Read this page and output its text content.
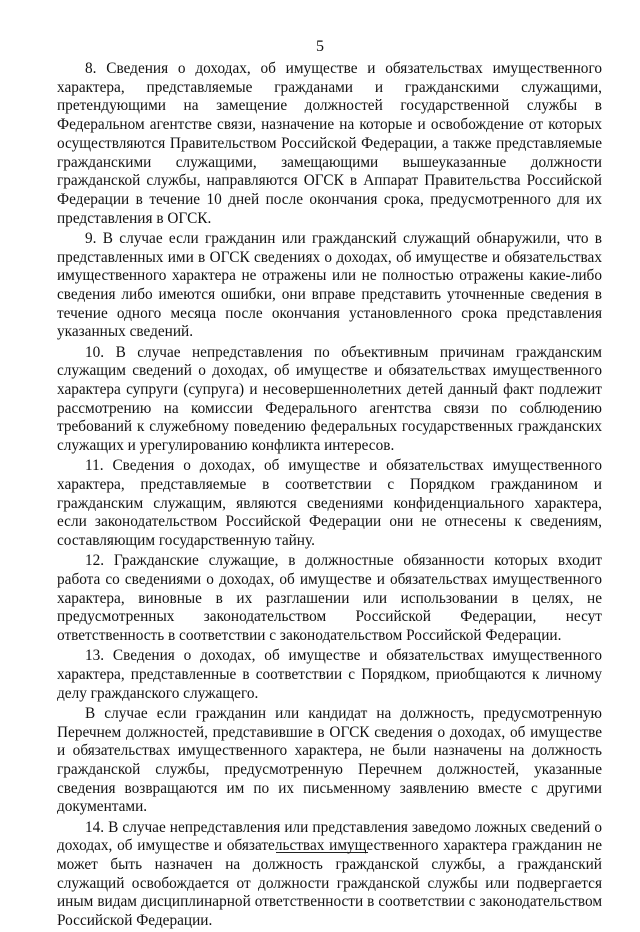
5

8. Сведения о доходах, об имуществе и обязательствах имущественного характера, представляемые гражданами и гражданскими служащими, претендующими на замещение должностей государственной службы в Федеральном агентстве связи, назначение на которые и освобождение от которых осуществляются Правительством Российской Федерации, а также представляемые гражданскими служащими, замещающими вышеуказанные должности гражданской службы, направляются ОГСК в Аппарат Правительства Российской Федерации в течение 10 дней после окончания срока, предусмотренного для их представления в ОГСК.

9. В случае если гражданин или гражданский служащий обнаружили, что в представленных ими в ОГСК сведениях о доходах, об имуществе и обязательствах имущественного характера не отражены или не полностью отражены какие-либо сведения либо имеются ошибки, они вправе представить уточненные сведения в течение одного месяца после окончания установленного срока представления указанных сведений.

10. В случае непредставления по объективным причинам гражданским служащим сведений о доходах, об имуществе и обязательствах имущественного характера супруги (супруга) и несовершеннолетних детей данный факт подлежит рассмотрению на комиссии Федерального агентства связи по соблюдению требований к служебному поведению федеральных государственных гражданских служащих и урегулированию конфликта интересов.

11. Сведения о доходах, об имуществе и обязательствах имущественного характера, представляемые в соответствии с Порядком гражданином и гражданским служащим, являются сведениями конфиденциального характера, если законодательством Российской Федерации они не отнесены к сведениям, составляющим государственную тайну.

12. Гражданские служащие, в должностные обязанности которых входит работа со сведениями о доходах, об имуществе и обязательствах имущественного характера, виновные в их разглашении или использовании в целях, не предусмотренных законодательством Российской Федерации, несут ответственность в соответствии с законодательством Российской Федерации.

13. Сведения о доходах, об имуществе и обязательствах имущественного характера, представленные в соответствии с Порядком, приобщаются к личному делу гражданского служащего.

В случае если гражданин или кандидат на должность, предусмотренную Перечнем должностей, представившие в ОГСК сведения о доходах, об имуществе и обязательствах имущественного характера, не были назначены на должность гражданской службы, предусмотренную Перечнем должностей, указанные сведения возвращаются им по их письменному заявлению вместе с другими документами.

14. В случае непредставления или представления заведомо ложных сведений о доходах, об имуществе и обязательствах имущественного характера гражданин не может быть назначен на должность гражданской службы, а гражданский служащий освобождается от должности гражданской службы или подвергается иным видам дисциплинарной ответственности в соответствии с законодательством Российской Федерации.
